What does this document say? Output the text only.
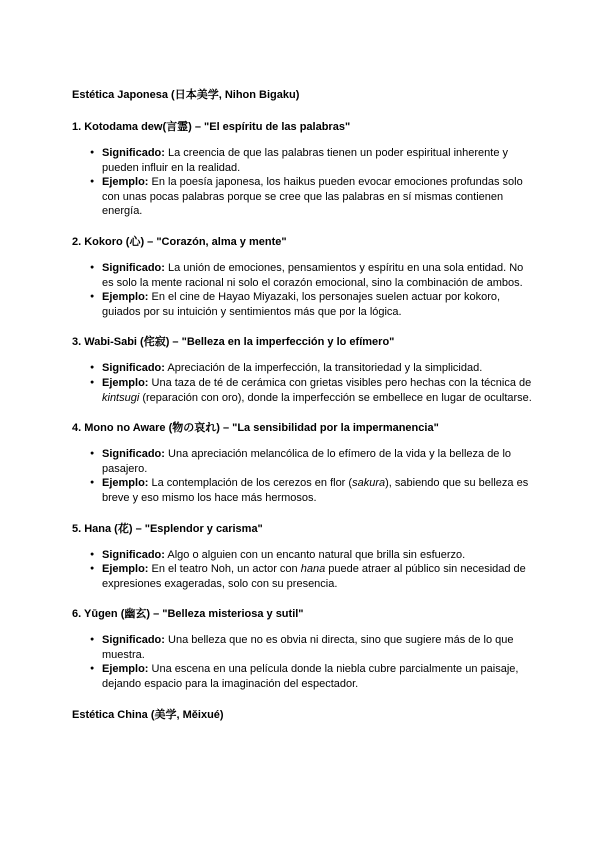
Estética Japonesa (日本美学, Nihon Bigaku)
1. Kotodama dew(言霊) – "El espíritu de las palabras"
● Significado: La creencia de que las palabras tienen un poder espiritual inherente y pueden influir en la realidad.
● Ejemplo: En la poesía japonesa, los haikus pueden evocar emociones profundas solo con unas pocas palabras porque se cree que las palabras en sí mismas contienen energía.
2. Kokoro (心) – "Corazón, alma y mente"
● Significado: La unión de emociones, pensamientos y espíritu en una sola entidad. No es solo la mente racional ni solo el corazón emocional, sino la combinación de ambos.
● Ejemplo: En el cine de Hayao Miyazaki, los personajes suelen actuar por kokoro, guiados por su intuición y sentimientos más que por la lógica.
3. Wabi-Sabi (侘寂) – "Belleza en la imperfección y lo efímero"
● Significado: Apreciación de la imperfección, la transitoriedad y la simplicidad.
● Ejemplo: Una taza de té de cerámica con grietas visibles pero hechas con la técnica de kintsugi (reparación con oro), donde la imperfección se embellece en lugar de ocultarse.
4. Mono no Aware (物の哀れ) – "La sensibilidad por la impermanencia"
● Significado: Una apreciación melancólica de lo efímero de la vida y la belleza de lo pasajero.
● Ejemplo: La contemplación de los cerezos en flor (sakura), sabiendo que su belleza es breve y eso mismo los hace más hermosos.
5. Hana (花) – "Esplendor y carisma"
● Significado: Algo o alguien con un encanto natural que brilla sin esfuerzo.
● Ejemplo: En el teatro Noh, un actor con hana puede atraer al público sin necesidad de expresiones exageradas, solo con su presencia.
6. Yūgen (幽玄) – "Belleza misteriosa y sutil"
● Significado: Una belleza que no es obvia ni directa, sino que sugiere más de lo que muestra.
● Ejemplo: Una escena en una película donde la niebla cubre parcialmente un paisaje, dejando espacio para la imaginación del espectador.
Estética China (美学, Měixué)
